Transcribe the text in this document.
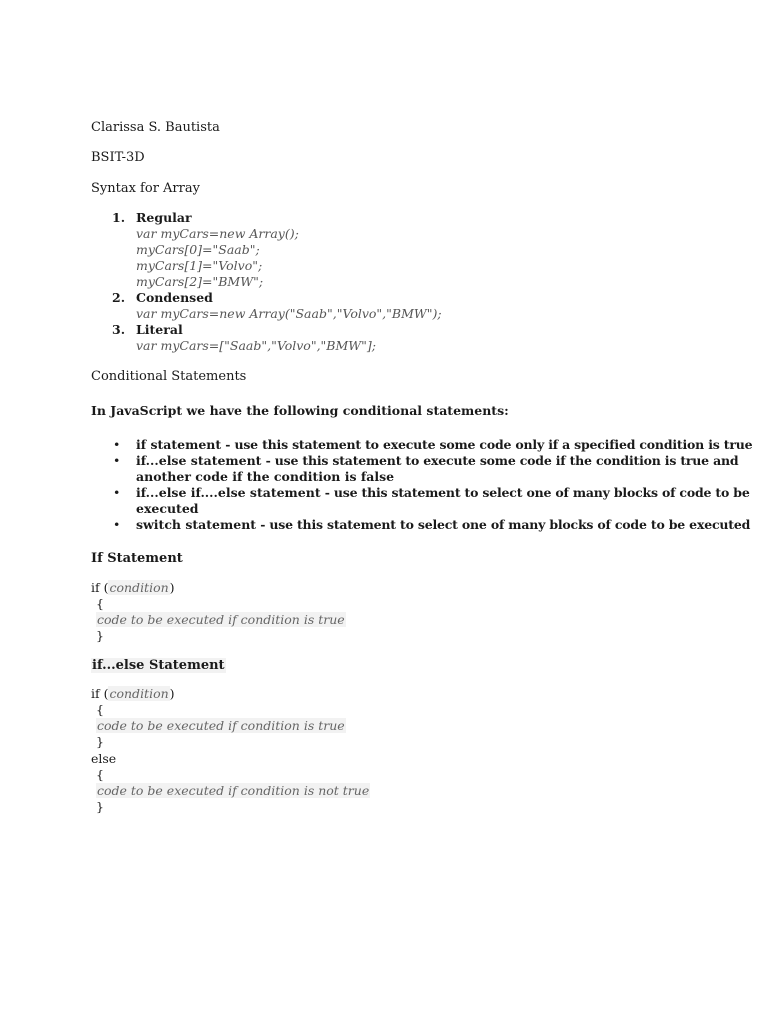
Clarissa S. Bautista
BSIT-3D
Syntax for Array
1. Regular
var myCars=new Array();
myCars[0]="Saab";
myCars[1]="Volvo";
myCars[2]="BMW";
2. Condensed
var myCars=new Array("Saab","Volvo","BMW");
3. Literal
var myCars=["Saab","Volvo","BMW"];
Conditional Statements
In JavaScript we have the following conditional statements:
• if statement - use this statement to execute some code only if a specified condition is true
• if...else statement - use this statement to execute some code if the condition is true and
another code if the condition is false
• if...else if....else statement - use this statement to select one of many blocks of code to be
executed
• switch statement - use this statement to select one of many blocks of code to be executed
If Statement
if (condition)
{
code to be executed if condition is true
}
if...else Statement
if (condition)
{
code to be executed if condition is true
}
else
{
code to be executed if condition is not true
}
